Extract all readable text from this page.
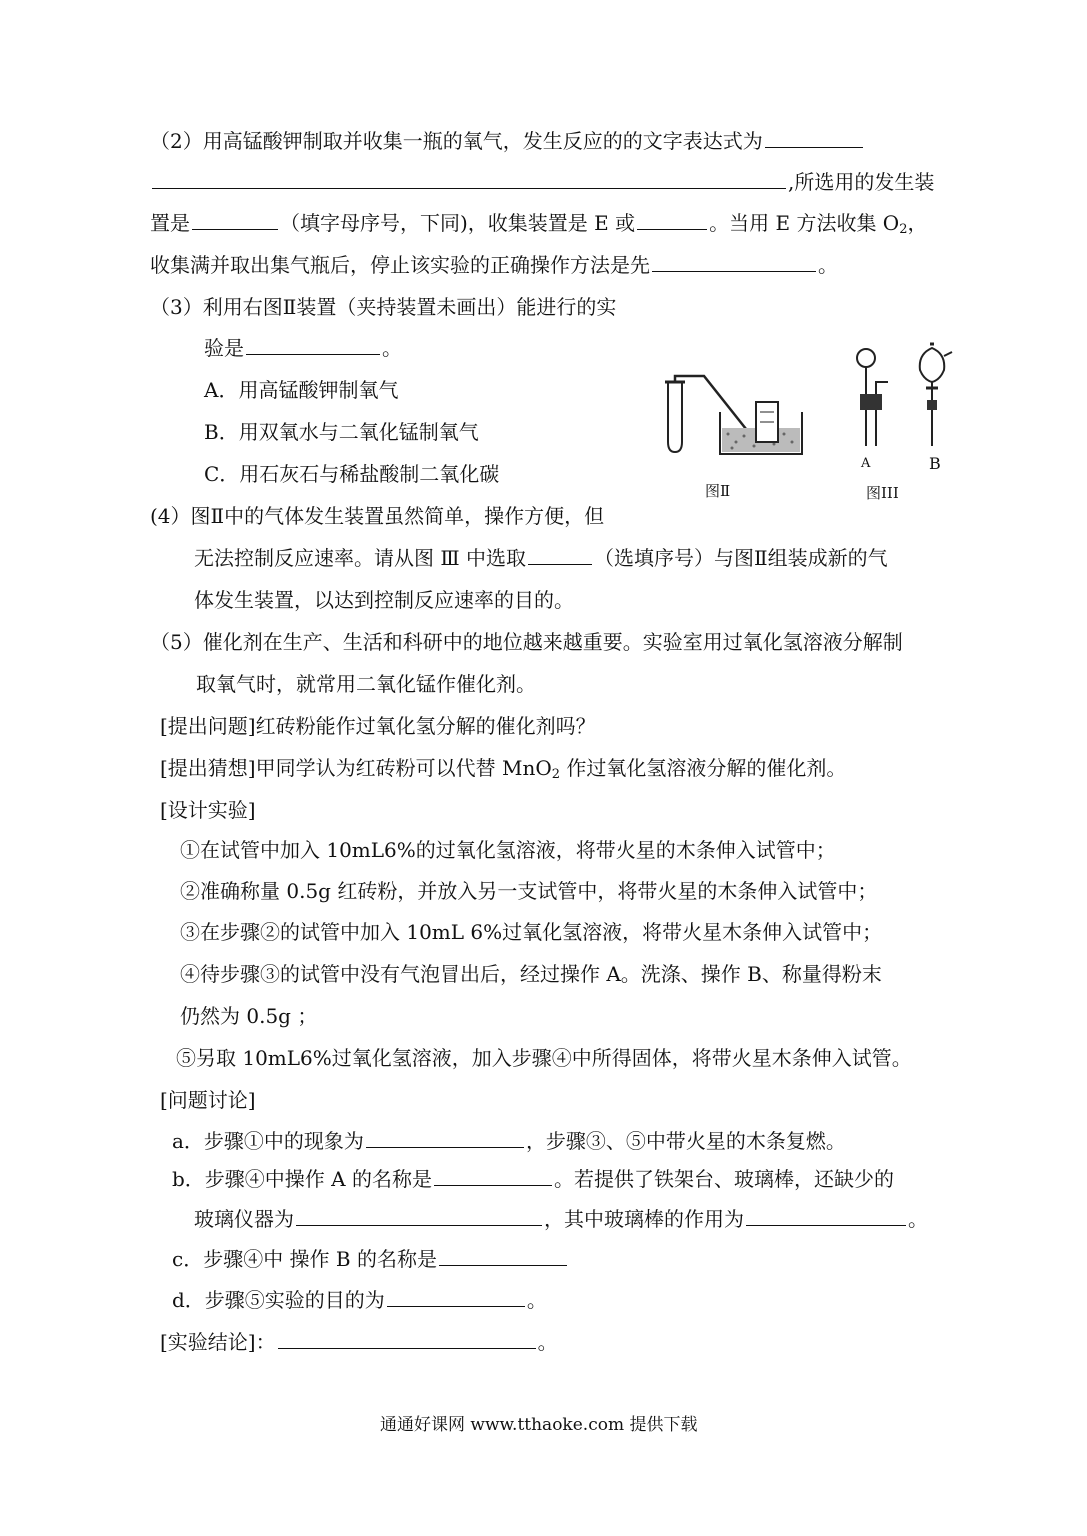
（2）用高锰酸钾制取并收集一瓶的氧气，发生反应的的文字表达式为
,所选用的发生装
置是	（填字母序号，下同)，收集装置是 E 或	。当用 E 方法收集 $O_2$，
收集满并取出集气瓶后，停止该实验的正确操作方法是先	。
（3）利用右图Ⅱ装置（夹持装置未画出）能进行的实
验是	。
A．用高锰酸钾制氧气
B．用双氧水与二氧化锰制氧气
C．用石灰石与稀盐酸制二氧化碳
图Ⅱ
A	B
图III
(4）图Ⅱ中的气体发生装置虽然简单，操作方便，但
无法控制反应速率。请从图 Ⅲ 中选取	（选填序号）与图Ⅱ组装成新的气
体发生装置，以达到控制反应速率的目的。
（5）催化剂在生产、生活和科研中的地位越来越重要。实验室用过氧化氢溶液分解制
取氧气时，就常用二氧化锰作催化剂。
[提出问题]红砖粉能作过氧化氢分解的催化剂吗？
[提出猜想]甲同学认为红砖粉可以代替 MnO$_2$ 作过氧化氢溶液分解的催化剂。
[设计实验]
①在试管中加入 10mL6%的过氧化氢溶液，将带火星的木条伸入试管中；
②准确称量 0.5g 红砖粉，并放入另一支试管中，将带火星的木条伸入试管中；
③在步骤②的试管中加入 10mL 6%过氧化氢溶液，将带火星木条伸入试管中；
④待步骤③的试管中没有气泡冒出后，经过操作 A。洗涤、操作 B、称量得粉末
仍然为 0.5g ；
⑤另取 10mL6%过氧化氢溶液，加入步骤④中所得固体，将带火星木条伸入试管。
[问题讨论]
a．步骤①中的现象为	，步骤③、⑤中带火星的木条复燃。
b．步骤④中操作 A 的名称是	。若提供了铁架台、玻璃棒，还缺少的
玻璃仪器为	，其中玻璃棒的作用为	。
c．步骤④中 操作 B 的名称是
d．步骤⑤实验的目的为	。
[实验结论]：	。
通通好课网 www.tthaoke.com 提供下载
